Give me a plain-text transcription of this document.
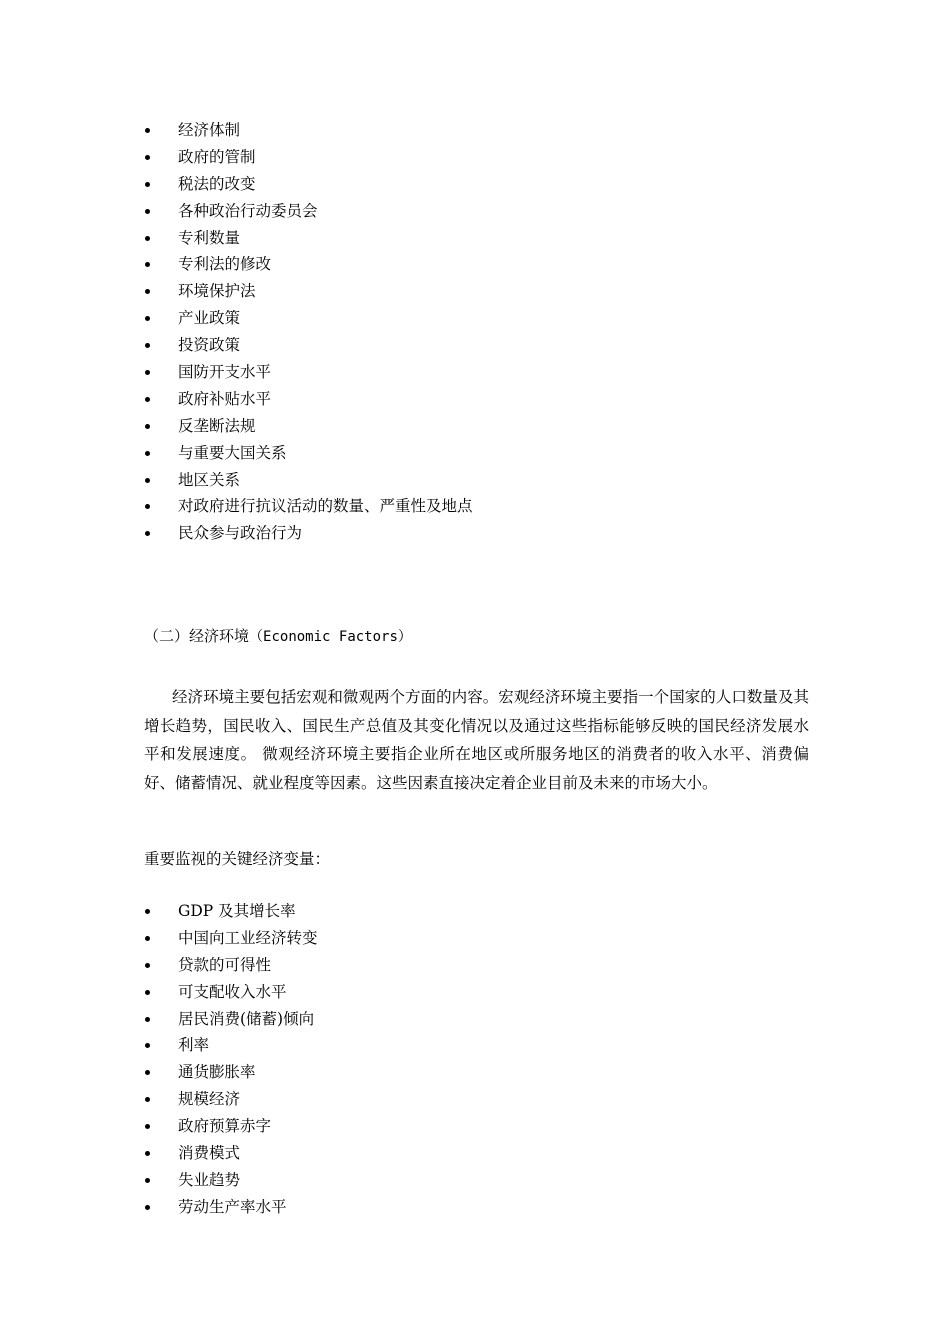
经济体制
政府的管制
税法的改变
各种政治行动委员会
专利数量
专利法的修改
环境保护法
产业政策
投资政策
国防开支水平
政府补贴水平
反垄断法规
与重要大国关系
地区关系
对政府进行抗议活动的数量、严重性及地点
民众参与政治行为
（二）经济环境（Economic Factors）

经济环境主要包括宏观和微观两个方面的内容。宏观经济环境主要指一个国家的人口数量及其增长趋势，国民收入、国民生产总值及其变化情况以及通过这些指标能够反映的国民经济发展水平和发展速度。 微观经济环境主要指企业所在地区或所服务地区的消费者的收入水平、消费偏好、储蓄情况、就业程度等因素。这些因素直接决定着企业目前及未来的市场大小。

重要监视的关键经济变量：
GDP 及其增长率
中国向工业经济转变
贷款的可得性
可支配收入水平
居民消费(储蓄)倾向
利率
通货膨胀率
规模经济
政府预算赤字
消费模式
失业趋势
劳动生产率水平
